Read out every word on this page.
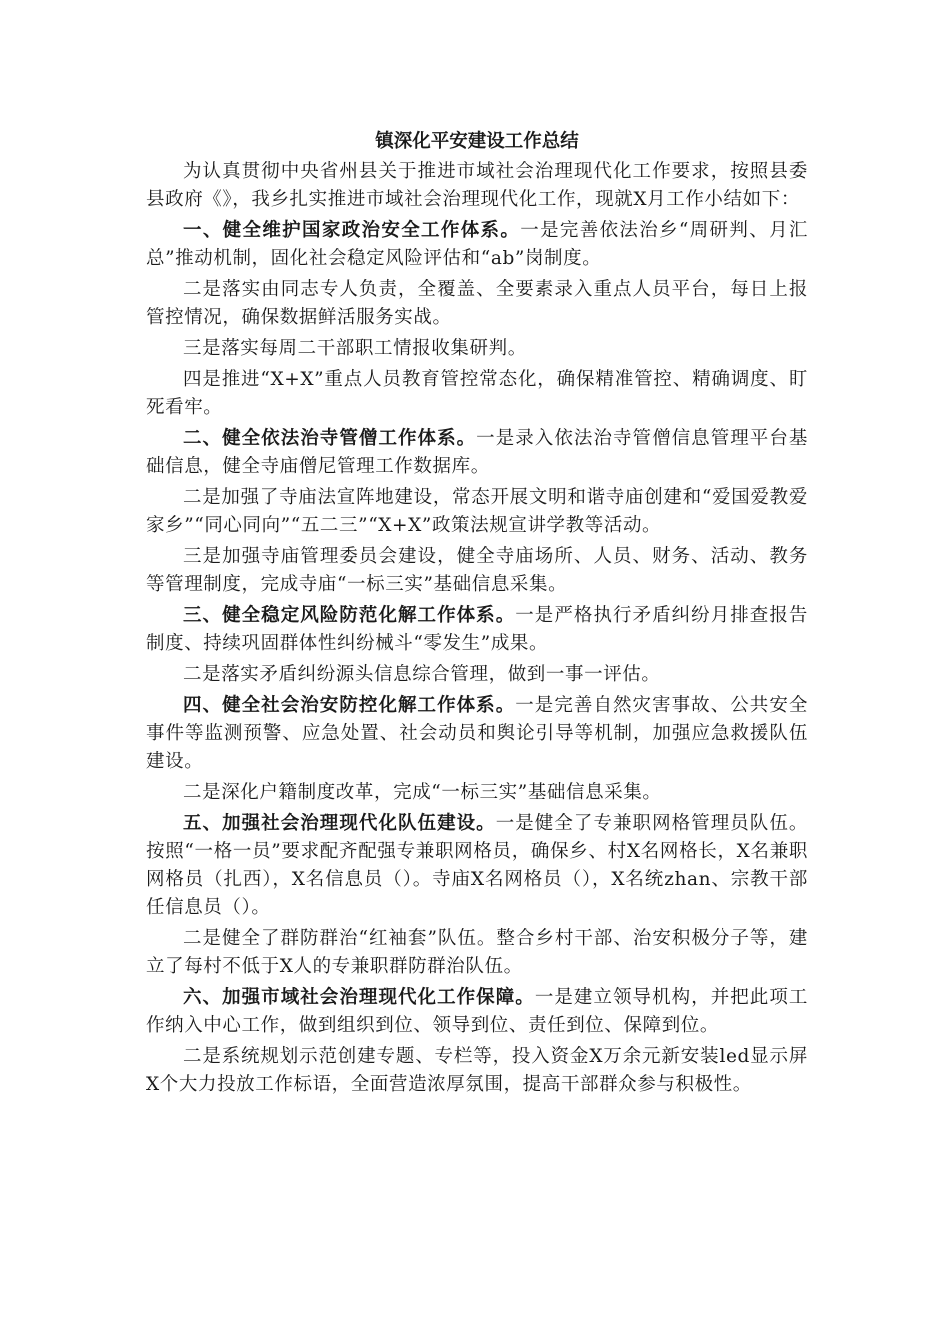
镇深化平安建设工作总结

为认真贯彻中央省州县关于推进市域社会治理现代化工作要求，按照县委县政府《》，我乡扎实推进市域社会治理现代化工作，现就X月工作小结如下：

一、健全维护国家政治安全工作体系。一是完善依法治乡“周研判、月汇总”推动机制，固化社会稳定风险评估和“ab”岗制度。

二是落实由同志专人负责，全覆盖、全要素录入重点人员平台，每日上报管控情况，确保数据鲜活服务实战。

三是落实每周二干部职工情报收集研判。

四是推进“X+X”重点人员教育管控常态化，确保精准管控、精确调度、盯死看牢。

二、健全依法治寺管僧工作体系。一是录入依法治寺管僧信息管理平台基础信息，健全寺庙僧尼管理工作数据库。

二是加强了寺庙法宣阵地建设，常态开展文明和谐寺庙创建和“爱国爱教爱家乡”“同心同向”“五二三”“X+X”政策法规宣讲学教等活动。

三是加强寺庙管理委员会建设，健全寺庙场所、人员、财务、活动、教务等管理制度，完成寺庙“一标三实”基础信息采集。

三、健全稳定风险防范化解工作体系。一是严格执行矛盾纠纷月排查报告制度、持续巩固群体性纠纷械斗“零发生”成果。

二是落实矛盾纠纷源头信息综合管理，做到一事一评估。

四、健全社会治安防控化解工作体系。一是完善自然灾害事故、公共安全事件等监测预警、应急处置、社会动员和舆论引导等机制，加强应急救援队伍建设。

二是深化户籍制度改革，完成“一标三实”基础信息采集。

五、加强社会治理现代化队伍建设。一是健全了专兼职网格管理员队伍。按照“一格一员”要求配齐配强专兼职网格员，确保乡、村X名网格长，X名兼职网格员（扎西），X名信息员（）。寺庙X名网格员（），X名统zhan、宗教干部任信息员（）。

二是健全了群防群治“红袖套”队伍。整合乡村干部、治安积极分子等，建立了每村不低于X人的专兼职群防群治队伍。

六、加强市域社会治理现代化工作保障。一是建立领导机构，并把此项工作纳入中心工作，做到组织到位、领导到位、责任到位、保障到位。

二是系统规划示范创建专题、专栏等，投入资金X万余元新安装led显示屏X个大力投放工作标语，全面营造浓厚氛围，提高干部群众参与积极性。
